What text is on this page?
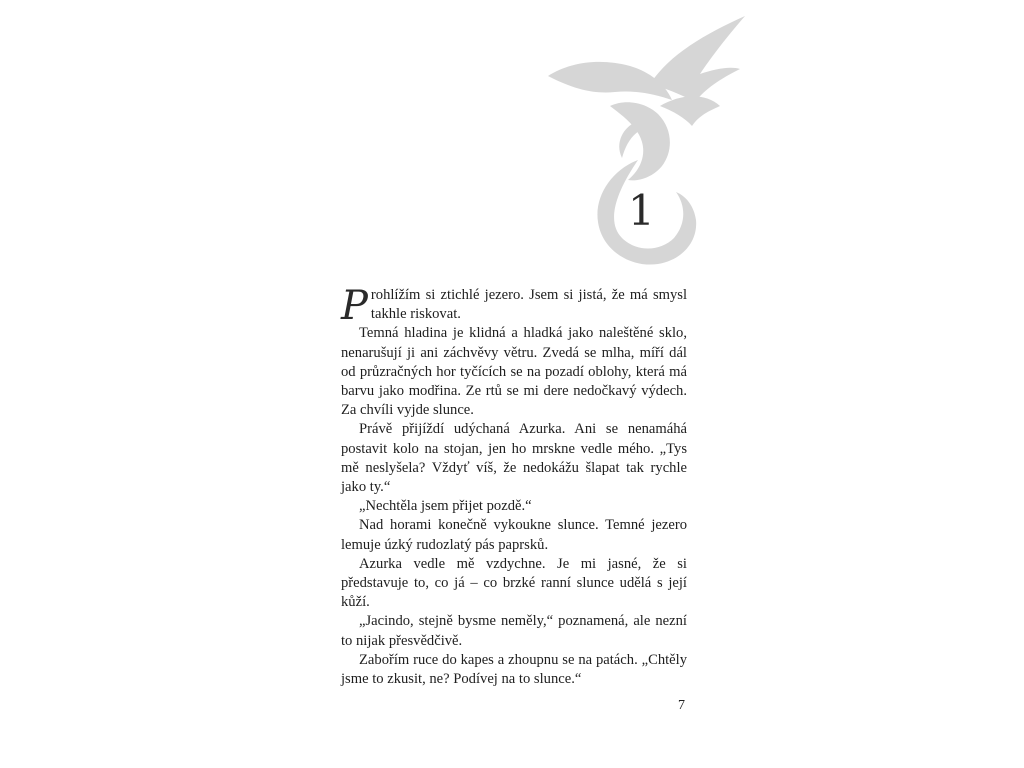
1

Prohlížím si ztichlé jezero. Jsem si jistá, že má smysl takhle riskovat.

Temná hladina je klidná a hladká jako naleštěné sklo, nenarušují ji ani záchvěvy větru. Zvedá se mlha, míří dál od průzračných hor tyčících se na pozadí oblohy, která má barvu jako modřina. Ze rtů se mi dere nedočkavý výdech. Za chvíli vyjde slunce.

Právě přijíždí udýchaná Azurka. Ani se nenamáhá postavit kolo na stojan, jen ho mrskne vedle mého. „Tys mě neslyšela? Vždyť víš, že nedokážu šlapat tak rychle jako ty.“

„Nechtěla jsem přijet pozdě.“

Nad horami konečně vykoukne slunce. Temné jezero lemuje úzký rudozlatý pás paprsků.

Azurka vedle mě vzdychne. Je mi jasné, že si představuje to, co já – co brzké ranní slunce udělá s její kůží.

„Jacindo, stejně bysme neměly,“ poznamená, ale nezní to nijak přesvědčivě.

Zabořím ruce do kapes a zhoupnu se na patách. „Chtěly jsme to zkusit, ne? Podívej na to slunce.“

7
